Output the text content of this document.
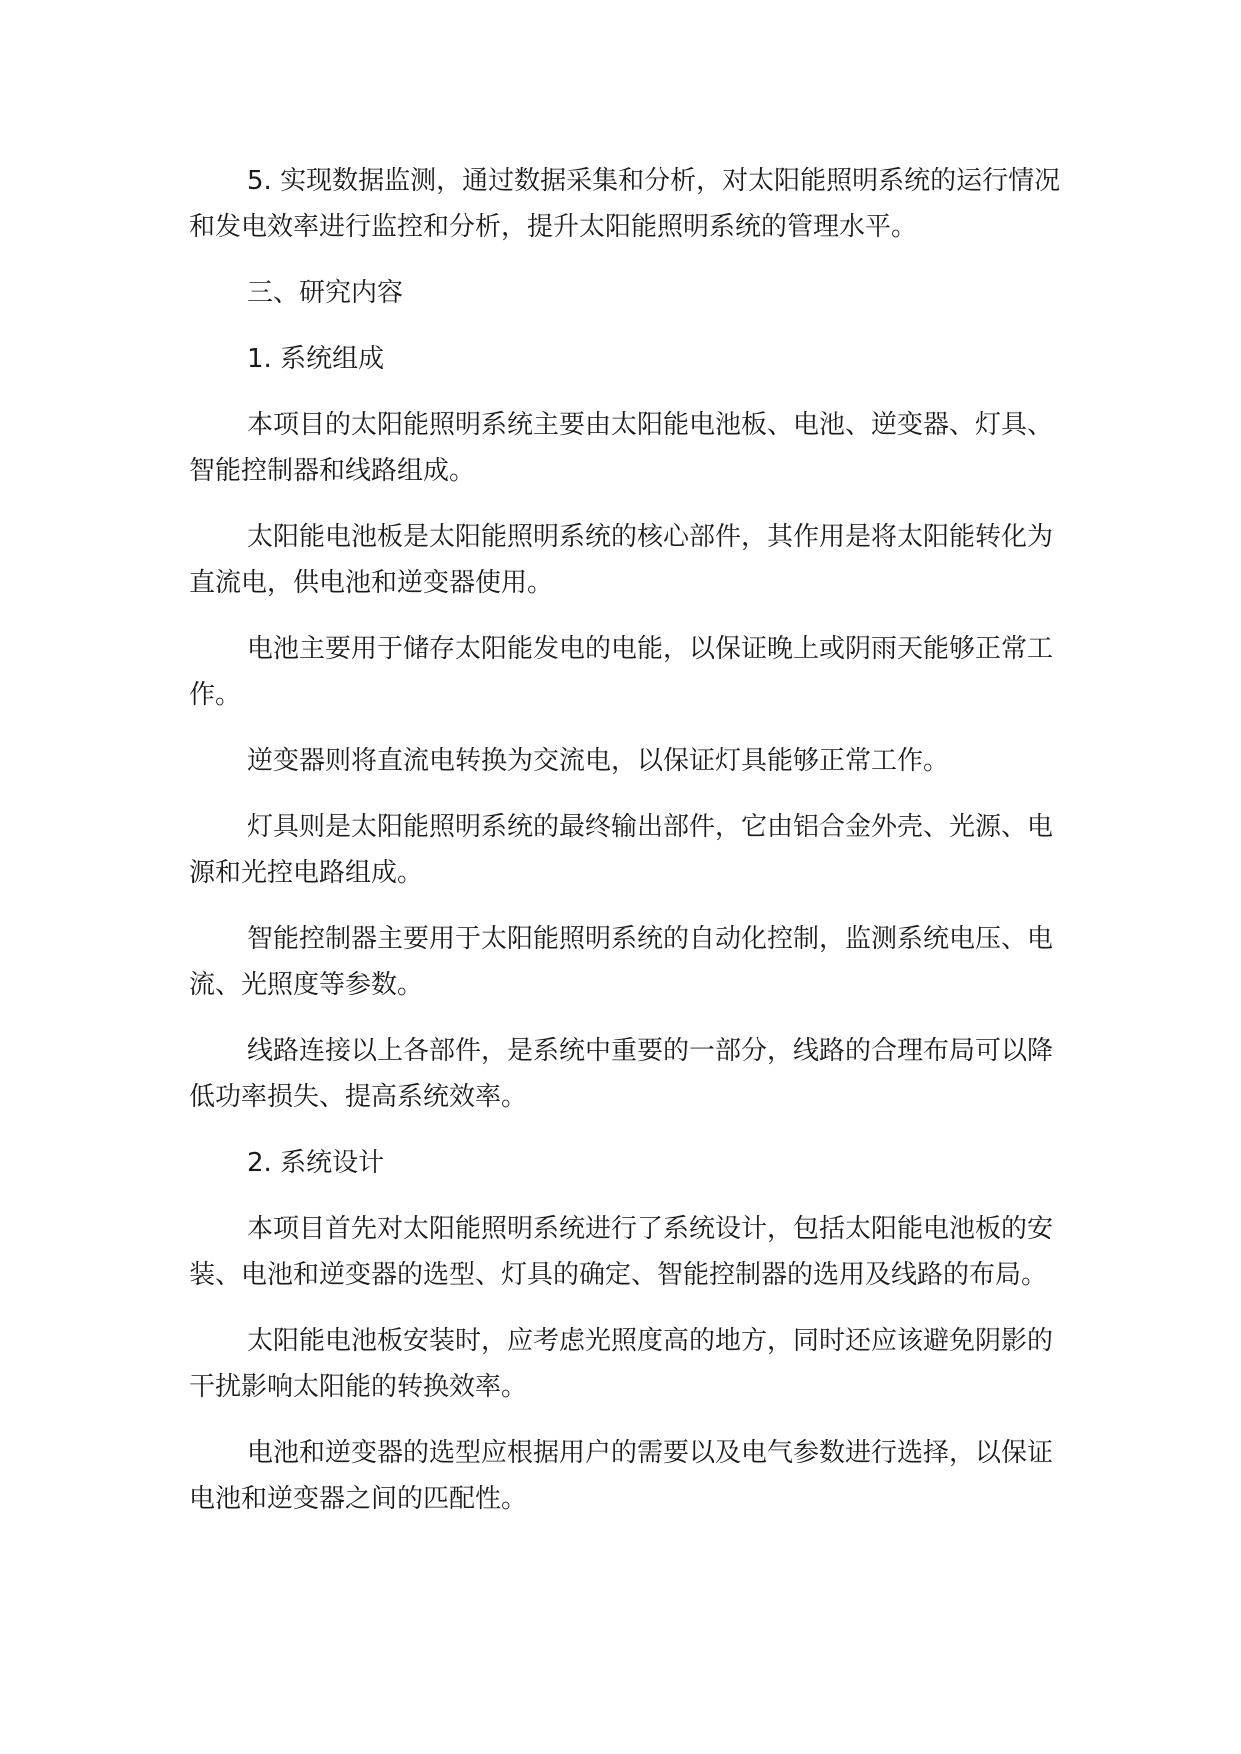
5. 实现数据监测，通过数据采集和分析，对太阳能照明系统的运行情况和发电效率进行监控和分析，提升太阳能照明系统的管理水平。

三、研究内容

1. 系统组成

本项目的太阳能照明系统主要由太阳能电池板、电池、逆变器、灯具、智能控制器和线路组成。

太阳能电池板是太阳能照明系统的核心部件，其作用是将太阳能转化为直流电，供电池和逆变器使用。

电池主要用于储存太阳能发电的电能，以保证晚上或阴雨天能够正常工作。

逆变器则将直流电转换为交流电，以保证灯具能够正常工作。

灯具则是太阳能照明系统的最终输出部件，它由铝合金外壳、光源、电源和光控电路组成。

智能控制器主要用于太阳能照明系统的自动化控制，监测系统电压、电流、光照度等参数。

线路连接以上各部件，是系统中重要的一部分，线路的合理布局可以降低功率损失、提高系统效率。

2. 系统设计

本项目首先对太阳能照明系统进行了系统设计，包括太阳能电池板的安装、电池和逆变器的选型、灯具的确定、智能控制器的选用及线路的布局。

太阳能电池板安装时，应考虑光照度高的地方，同时还应该避免阴影的干扰影响太阳能的转换效率。

电池和逆变器的选型应根据用户的需要以及电气参数进行选择，以保证电池和逆变器之间的匹配性。
